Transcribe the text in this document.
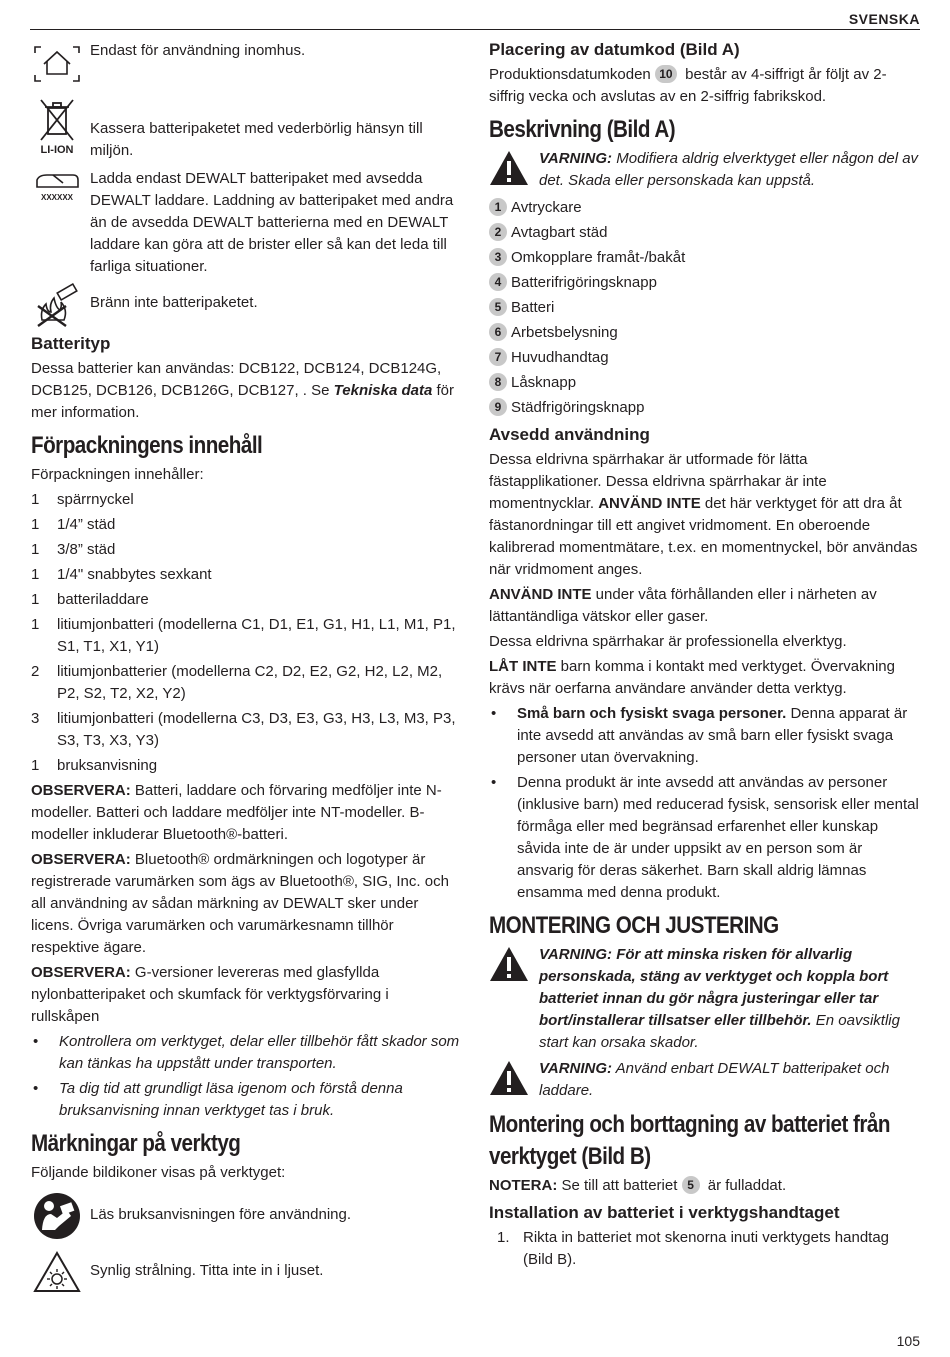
SVENSKA
Endast för användning inomhus.
LI-ION
Kassera batteripaketet med vederbörlig hänsyn till miljön.
XXXXXX
Ladda endast DEWALT batteripaket med avsedda DEWALT laddare. Laddning av batteripaket med andra än de avsedda DEWALT batterierna med en DEWALT laddare kan göra att de brister eller så kan det leda till farliga situationer.
Bränn inte batteripaketet.
Batterityp

Dessa batterier kan användas: DCB122, DCB124, DCB124G, DCB125, DCB126, DCB126G, DCB127, . Se Tekniska data för mer information.

Förpackningens innehåll

Förpackningen innehåller:

1	spärrnyckel
1	1/4” städ
1	3/8” städ
1	1/4" snabbytes sexkant
1	batteriladdare
1	litiumjonbatteri (modellerna C1, D1, E1, G1, H1, L1, M1, P1, S1, T1, X1, Y1)
2	litiumjonbatterier (modellerna C2, D2, E2, G2, H2, L2, M2, P2, S2, T2, X2, Y2)
3	litiumjonbatteri (modellerna C3, D3, E3, G3, H3, L3, M3, P3, S3, T3, X3, Y3)
1	bruksanvisning

OBSERVERA: Batteri, laddare och förvaring medföljer inte N-modeller. Batteri och laddare medföljer inte NT-modeller. B-modeller inkluderar Bluetooth®-batteri.

OBSERVERA: Bluetooth® ordmärkningen och logotyper är registrerade varumärken som ägs av Bluetooth®, SIG, Inc. och all användning av sådan märkning av DEWALT sker under licens. Övriga varumärken och varumärkesnamn tillhör respektive ägare.

OBSERVERA: G-versioner levereras med glasfyllda nylonbatteripaket och skumfack för verktygsförvaring i rullskåpen

•	Kontrollera om verktyget, delar eller tillbehör fått skador som kan tänkas ha uppstått under transporten.
•	Ta dig tid att grundligt läsa igenom och förstå denna bruksanvisning innan verktyget tas i bruk.
Märkningar på verktyg

Följande bildikoner visas på verktyget:

Läs bruksanvisningen före användning.
Synlig strålning. Titta inte in i ljuset.
Placering av datumkod (Bild A)

Produktionsdatumkoden 10 består av 4-siffrigt år följt av 2-siffrig vecka och avslutas av en 2-siffrig fabrikskod.

Beskrivning (Bild A)
VARNING: Modifiera aldrig elverktyget eller någon del av det. Skada eller personskada kan uppstå.
1 Avtryckare
2 Avtagbart städ
3 Omkopplare framåt-/bakåt
4 Batterifrigöringsknapp
5 Batteri
6 Arbetsbelysning
7 Huvudhandtag
8 Låsknapp
9 Städfrigöringsknapp
Avsedd användning

Dessa eldrivna spärrhakar är utformade för lätta fästapplikationer. Dessa eldrivna spärrhakar är inte momentnycklar. ANVÄND INTE det här verktyget för att dra åt fästanordningar till ett angivet vridmoment. En oberoende kalibrerad momentmätare, t.ex. en momentnyckel, bör användas när vridmoment anges.

ANVÄND INTE under våta förhållanden eller i närheten av lättantändliga vätskor eller gaser.

Dessa eldrivna spärrhakar är professionella elverktyg.

LÅT INTE barn komma i kontakt med verktyget. Övervakning krävs när oerfarna användare använder detta verktyg.

•	Små barn och fysiskt svaga personer. Denna apparat är inte avsedd att användas av små barn eller fysiskt svaga personer utan övervakning.
•	Denna produkt är inte avsedd att användas av personer (inklusive barn) med reducerad fysisk, sensorisk eller mental förmåga eller med begränsad erfarenhet eller kunskap såvida inte de är under uppsikt av en person som är ansvarig för deras säkerhet. Barn skall aldrig lämnas ensamma med denna produkt.
MONTERING OCH JUSTERING
VARNING: För att minska risken för allvarlig personskada, stäng av verktyget och koppla bort batteriet innan du gör några justeringar eller tar bort/installerar tillsatser eller tillbehör. En oavsiktlig start kan orsaka skador.
VARNING: Använd enbart DEWALT batteripaket och laddare.
Montering och borttagning av batteriet från verktyget (Bild B)

NOTERA: Se till att batteriet 5 är fulladdat.

Installation av batteriet i verktygshandtaget
1. Rikta in batteriet mot skenorna inuti verktygets handtag (Bild B).
105
